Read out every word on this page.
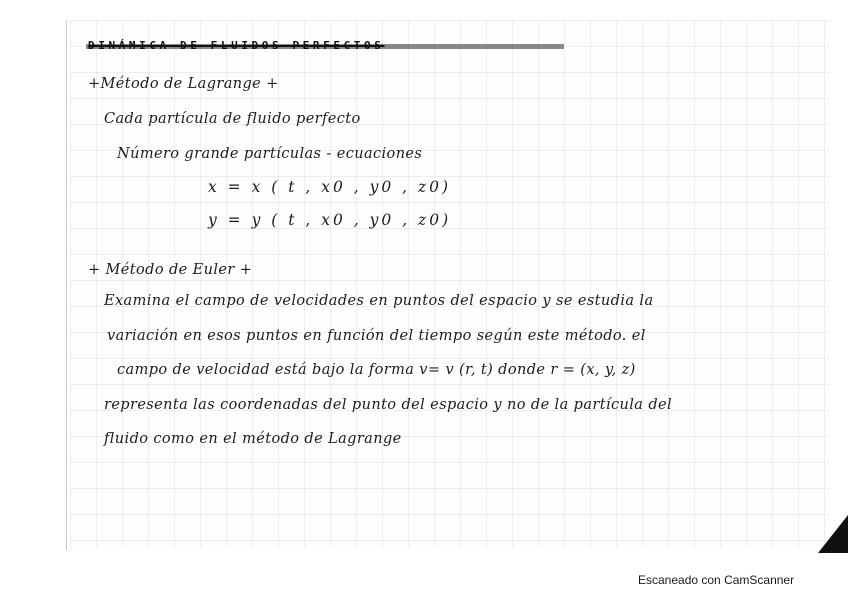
DINÁMICA DE FLUIDOS PERFECTOS

+Método de Lagrange +

Cada partícula de fluido perfecto

Número grande partículas - ecuaciones

x = x ( t , x0 , y0 , z0)

y = y ( t , x0 , y0 , z0)

+ Método de Euler +

Examina el campo de velocidades en puntos del espacio y se estudia la

variación en esos puntos en función del tiempo según este método. el

campo de velocidad está bajo la forma v= v (r, t) donde r = (x, y, z)

representa las coordenadas del punto del espacio y no de la partícula del

fluido como en el método de Lagrange

Escaneado con CamScanner
